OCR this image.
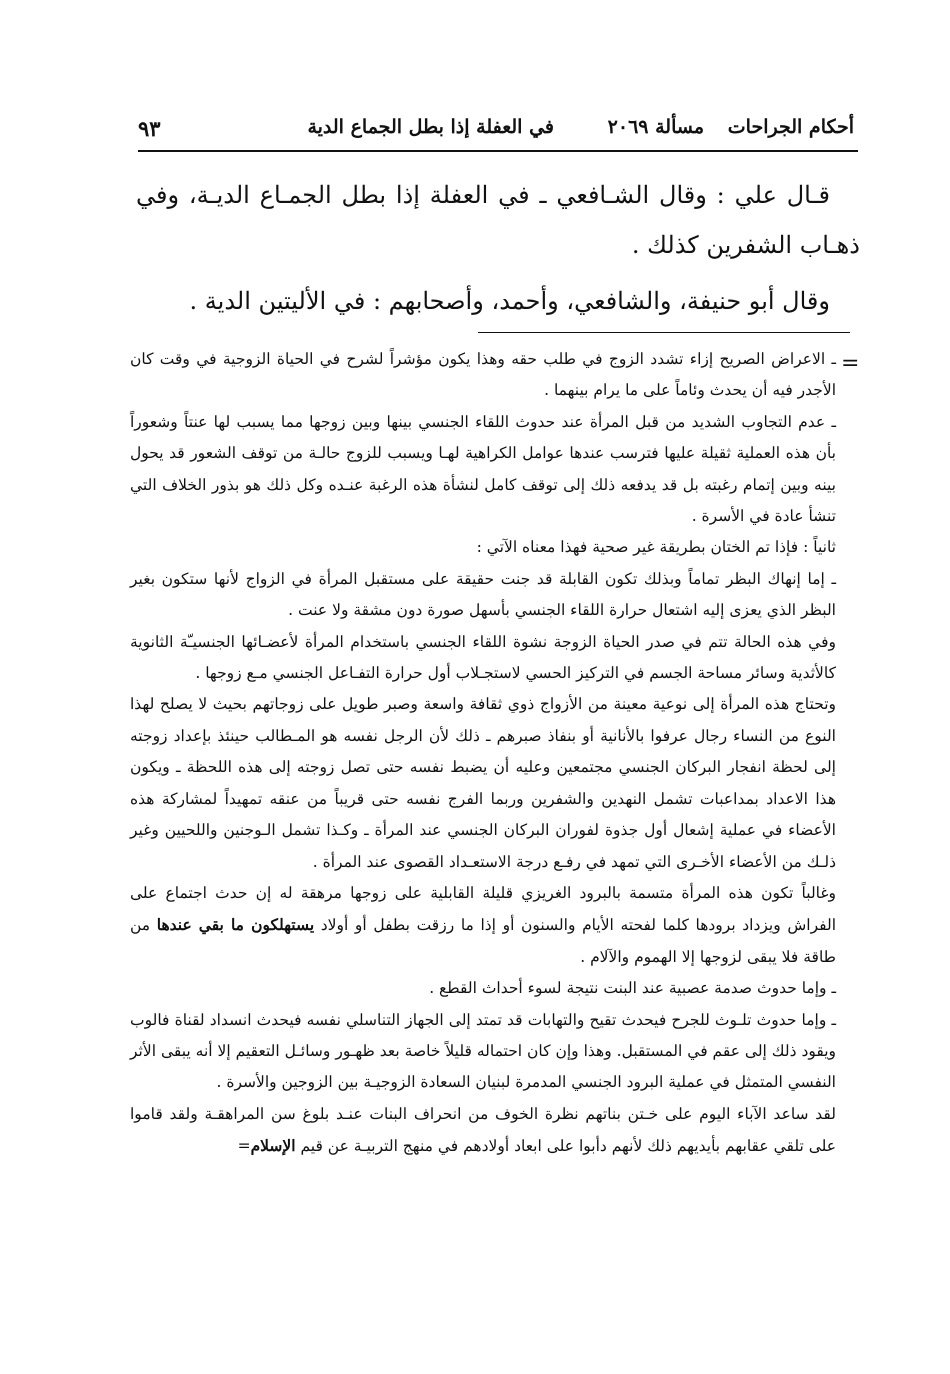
أحكام الجراحات
مسألة ٢٠٦٩
في العفلة إذا بطل الجماع الدية
٩٣

قـال علي : وقال الشـافعي ـ في العفلة إذا بطل الجمـاع الديـة، وفي ذهـاب الشفرين كذلك .

وقال أبو حنيفة، والشافعي، وأحمد، وأصحابهم : في الأليتين الدية .

=

ـ الاعراض الصريح إزاء تشدد الزوج في طلب حقه وهذا يكون مؤشراً لشرح في الحياة الزوجية في وقت كان الأجدر فيه أن يحدث وئاماً على ما يرام بينهما .

ـ عدم التجاوب الشديد من قبل المرأة عند حدوث اللقاء الجنسي بينها وبين زوجها مما يسبب لها عنتاً وشعوراً بأن هذه العملية ثقيلة عليها فترسب عندها عوامل الكراهية لهـا ويسبب للزوج حالـة من توقف الشعور قد يحول بينه وبين إتمام رغبته بل قد يدفعه ذلك إلى توقف كامل لنشأة هذه الرغبة عنـده وكل ذلك هو بذور الخلاف التي تنشأ عادة في الأسرة .

ثانياً : فإذا تم الختان بطريقة غير صحية فهذا معناه الآتي :

ـ إما إنهاك البظر تماماً وبذلك تكون القابلة قد جنت حقيقة على مستقبل المرأة في الزواج لأنها ستكون بغير البظر الذي يعزى إليه اشتعال حرارة اللقاء الجنسي بأسهل صورة دون مشقة ولا عنت .

وفي هذه الحالة تتم في صدر الحياة الزوجة نشوة اللقاء الجنسي باستخدام المرأة لأعضـائها الجنسيـّة الثانوية كالأثدية وسائر مساحة الجسم في التركيز الحسي لاستجـلاب أول حرارة التفـاعل الجنسي مـع زوجها .

وتحتاج هذه المرأة إلى نوعية معينة من الأزواج ذوي ثقافة واسعة وصبر طويل على زوجاتهم بحيث لا يصلح لهذا النوع من النساء رجال عرفوا بالأنانية أو بنفاذ صبرهم ـ ذلك لأن الرجل نفسه هو المـطالب حينئذ بإعداد زوجته إلى لحظة انفجار البركان الجنسي مجتمعين وعليه أن يضبط نفسه حتى تصل زوجته إلى هذه اللحظة ـ ويكون هذا الاعداد بمداعبات تشمل النهدين والشفرين وربما الفرج نفسه حتى قريباً من عنقه تمهيداً لمشاركة هذه الأعضاء في عملية إشعال أول جذوة لفوران البركان الجنسي عند المرأة ـ وكـذا تشمل الـوجنين واللحيين وغير ذلـك من الأعضاء الأخـرى التي تمهد في رفـع درجة الاستعـداد القصوى عند المرأة .

وغالباً تكون هذه المرأة متسمة بالبرود الغريزي قليلة القابلية على زوجها مرهقة له إن حدث اجتماع على الفراش ويزداد برودها كلما لفحته الأيام والسنون أو إذا ما رزقت بطفل أو أولاد يستهلكون ما بقي عندها من طاقة فلا يبقى لزوجها إلا الهموم والآلام .

ـ وإما حدوث صدمة عصبية عند البنت نتيجة لسوء أحداث القطع .

ـ وإما حدوث تلـوث للجرح فيحدث تقيح والتهابات قد تمتد إلى الجهاز التناسلي نفسه فيحدث انسداد لقناة فالوب ويقود ذلك إلى عقم في المستقبل. وهذا وإن كان احتماله قليلاً خاصة بعد ظهـور وسائـل التعقيم إلا أنه يبقى الأثر النفسي المتمثل في عملية البرود الجنسي المدمرة لبنيان السعادة الزوجيـة بين الزوجين والأسرة .

لقد ساعد الآباء اليوم على خـتن بناتهم نظرة الخوف من انحراف البنات عنـد بلوغ سن المراهقـة ولقد قاموا على تلقي عقابهم بأيديهم ذلك لأنهم دأبوا على ابعاد أولادهم في منهج التربيـة عن قيم الإسلام=
